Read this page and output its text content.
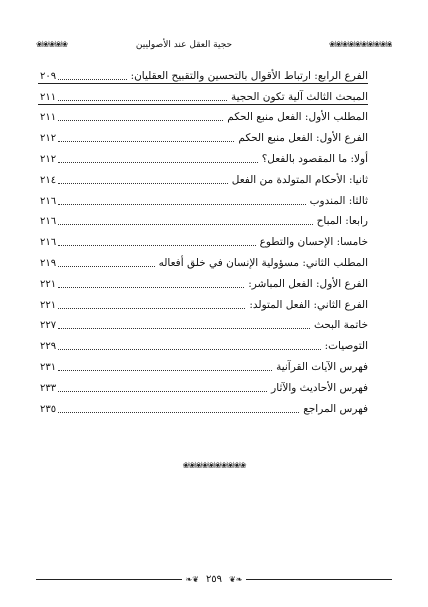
❀⦚❀⦚❀⦚❀⦚❀	حجية العقل عند الأصوليين	❀⦚❀⦚❀⦚❀⦚❀⦚❀⦚❀⦚❀⦚❀⦚❀
الفرع الرابع: ارتباط الأقوال بالتحسين والتقبيح العقليان:
٢٠٩
المبحث الثالث آلية تكون الحجية
٢١١
المطلب الأول: الفعل منبع الحكم
٢١١
الفرع الأول: الفعل منبع الحكم
٢١٢
أولا: ما المقصود بالفعل؟
٢١٢
ثانيا: الأحكام المتولدة من الفعل
٢١٤
ثالثا: المندوب
٢١٦
رابعا: المباح
٢١٦
خامسا: الإحسان والتطوع
٢١٦
المطلب الثاني: مسؤولية الإنسان في خلق أفعاله
٢١٩
الفرع الأول: الفعل المباشر:
٢٢١
الفرع الثاني: الفعل المتولد:
٢٢١
خاتمة البحث
٢٢٧
التوصيات:
٢٢٩
فهرس الآيات القرآنية
٢٣١
فهرس الأحاديث والآثار
٢٣٣
فهرس المراجع
٢٣٥
❀⦚❀⦚❀⦚❀⦚❀⦚❀⦚❀⦚❀⦚❀⦚❀
❧❦ ٢٥٩ ❦❧
